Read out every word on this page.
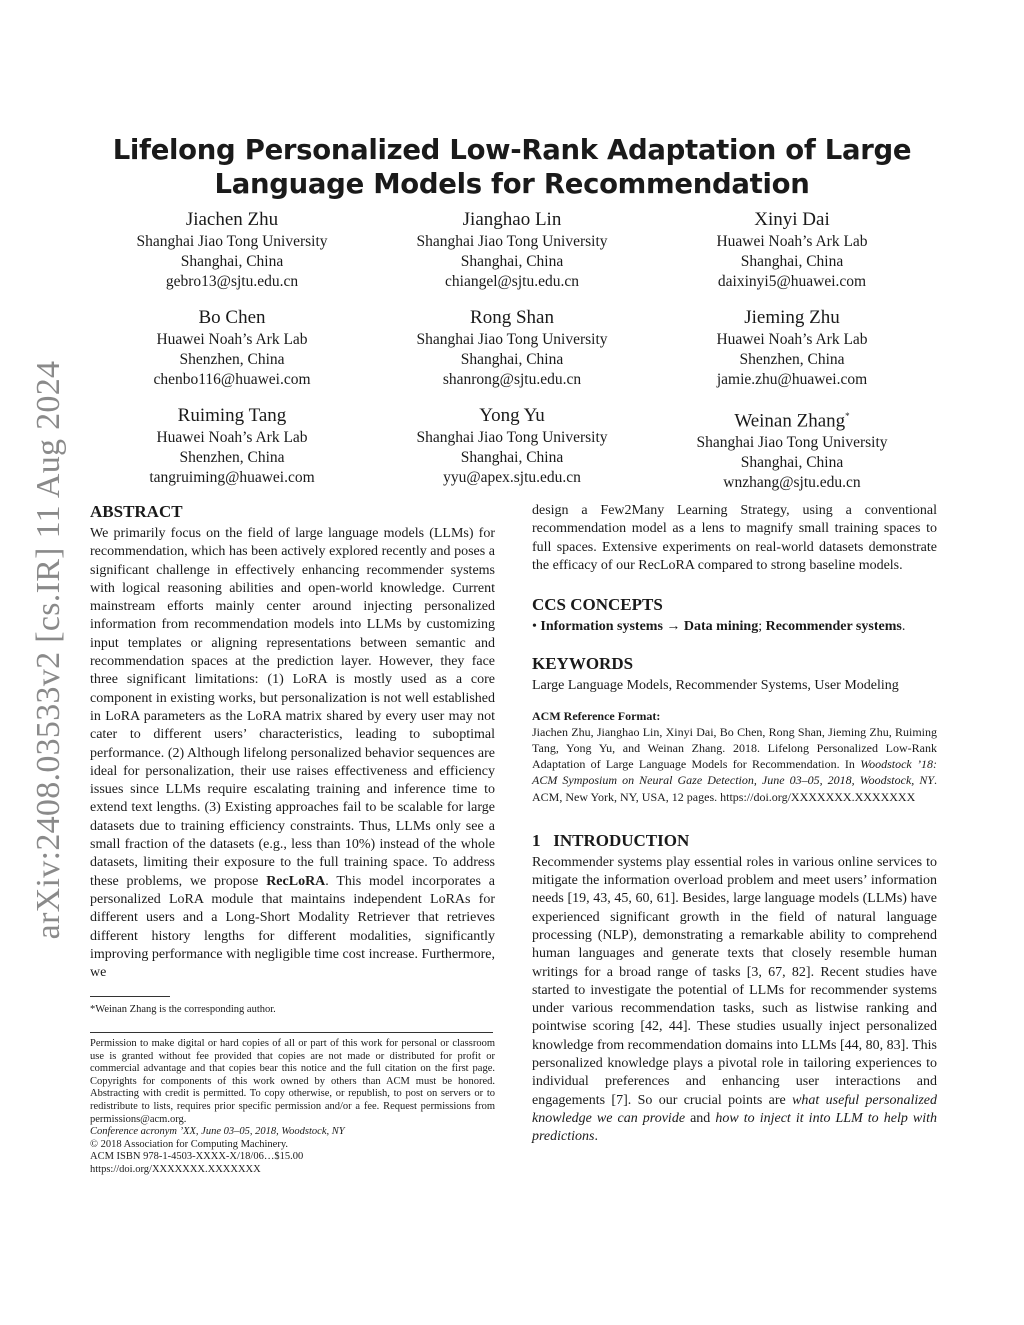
arXiv:2408.03533v2 [cs.IR] 11 Aug 2024
Lifelong Personalized Low-Rank Adaptation of Large Language Models for Recommendation
Jiachen Zhu
Shanghai Jiao Tong University
Shanghai, China
gebro13@sjtu.edu.cn
Jianghao Lin
Shanghai Jiao Tong University
Shanghai, China
chiangel@sjtu.edu.cn
Xinyi Dai
Huawei Noah’s Ark Lab
Shanghai, China
daixinyi5@huawei.com
Bo Chen
Huawei Noah’s Ark Lab
Shenzhen, China
chenbo116@huawei.com
Rong Shan
Shanghai Jiao Tong University
Shanghai, China
shanrong@sjtu.edu.cn
Jieming Zhu
Huawei Noah’s Ark Lab
Shenzhen, China
jamie.zhu@huawei.com
Ruiming Tang
Huawei Noah’s Ark Lab
Shenzhen, China
tangruiming@huawei.com
Yong Yu
Shanghai Jiao Tong University
Shanghai, China
yyu@apex.sjtu.edu.cn
Weinan Zhang*
Shanghai Jiao Tong University
Shanghai, China
wnzhang@sjtu.edu.cn
ABSTRACT

We primarily focus on the field of large language models (LLMs) for recommendation, which has been actively explored recently and poses a significant challenge in effectively enhancing recommender systems with logical reasoning abilities and open-world knowledge. Current mainstream efforts mainly center around injecting personalized information from recommendation models into LLMs by customizing input templates or aligning representations between semantic and recommendation spaces at the prediction layer. However, they face three significant limitations: (1) LoRA is mostly used as a core component in existing works, but personalization is not well established in LoRA parameters as the LoRA matrix shared by every user may not cater to different users’ characteristics, leading to suboptimal performance. (2) Although lifelong personalized behavior sequences are ideal for personalization, their use raises effectiveness and efficiency issues since LLMs require escalating training and inference time to extend text lengths. (3) Existing approaches fail to be scalable for large datasets due to training efficiency constraints. Thus, LLMs only see a small fraction of the datasets (e.g., less than 10%) instead of the whole datasets, limiting their exposure to the full training space. To address these problems, we propose RecLoRA. This model incorporates a personalized LoRA module that maintains independent LoRAs for different users and a Long-Short Modality Retriever that retrieves different history lengths for different modalities, significantly improving performance with negligible time cost increase. Furthermore, we

*Weinan Zhang is the corresponding author.

Permission to make digital or hard copies of all or part of this work for personal or classroom use is granted without fee provided that copies are not made or distributed for profit or commercial advantage and that copies bear this notice and the full citation on the first page. Copyrights for components of this work owned by others than ACM must be honored. Abstracting with credit is permitted. To copy otherwise, or republish, to post on servers or to redistribute to lists, requires prior specific permission and/or a fee. Request permissions from permissions@acm.org.

Conference acronym ’XX, June 03–05, 2018, Woodstock, NY

© 2018 Association for Computing Machinery.

ACM ISBN 978-1-4503-XXXX-X/18/06…$15.00

https://doi.org/XXXXXXX.XXXXXXX

design a Few2Many Learning Strategy, using a conventional recommendation model as a lens to magnify small training spaces to full spaces. Extensive experiments on real-world datasets demonstrate the efficacy of our RecLoRA compared to strong baseline models.

CCS CONCEPTS

• Information systems → Data mining; Recommender systems.

KEYWORDS

Large Language Models, Recommender Systems, User Modeling

ACM Reference Format:

Jiachen Zhu, Jianghao Lin, Xinyi Dai, Bo Chen, Rong Shan, Jieming Zhu, Ruiming Tang, Yong Yu, and Weinan Zhang. 2018. Lifelong Personalized Low-Rank Adaptation of Large Language Models for Recommendation. In Woodstock ’18: ACM Symposium on Neural Gaze Detection, June 03–05, 2018, Woodstock, NY. ACM, New York, NY, USA, 12 pages. https://doi.org/XXXXXXX.XXXXXXX

1   INTRODUCTION

Recommender systems play essential roles in various online services to mitigate the information overload problem and meet users’ information needs [19, 43, 45, 60, 61]. Besides, large language models (LLMs) have experienced significant growth in the field of natural language processing (NLP), demonstrating a remarkable ability to comprehend human languages and generate texts that closely resemble human writings for a broad range of tasks [3, 67, 82]. Recent studies have started to investigate the potential of LLMs for recommender systems under various recommendation tasks, such as listwise ranking and pointwise scoring [42, 44]. These studies usually inject personalized knowledge from recommendation domains into LLMs [44, 80, 83]. This personalized knowledge plays a pivotal role in tailoring experiences to individual preferences and enhancing user interactions and engagements [7]. So our crucial points are what useful personalized knowledge we can provide and how to inject it into LLM to help with predictions.
